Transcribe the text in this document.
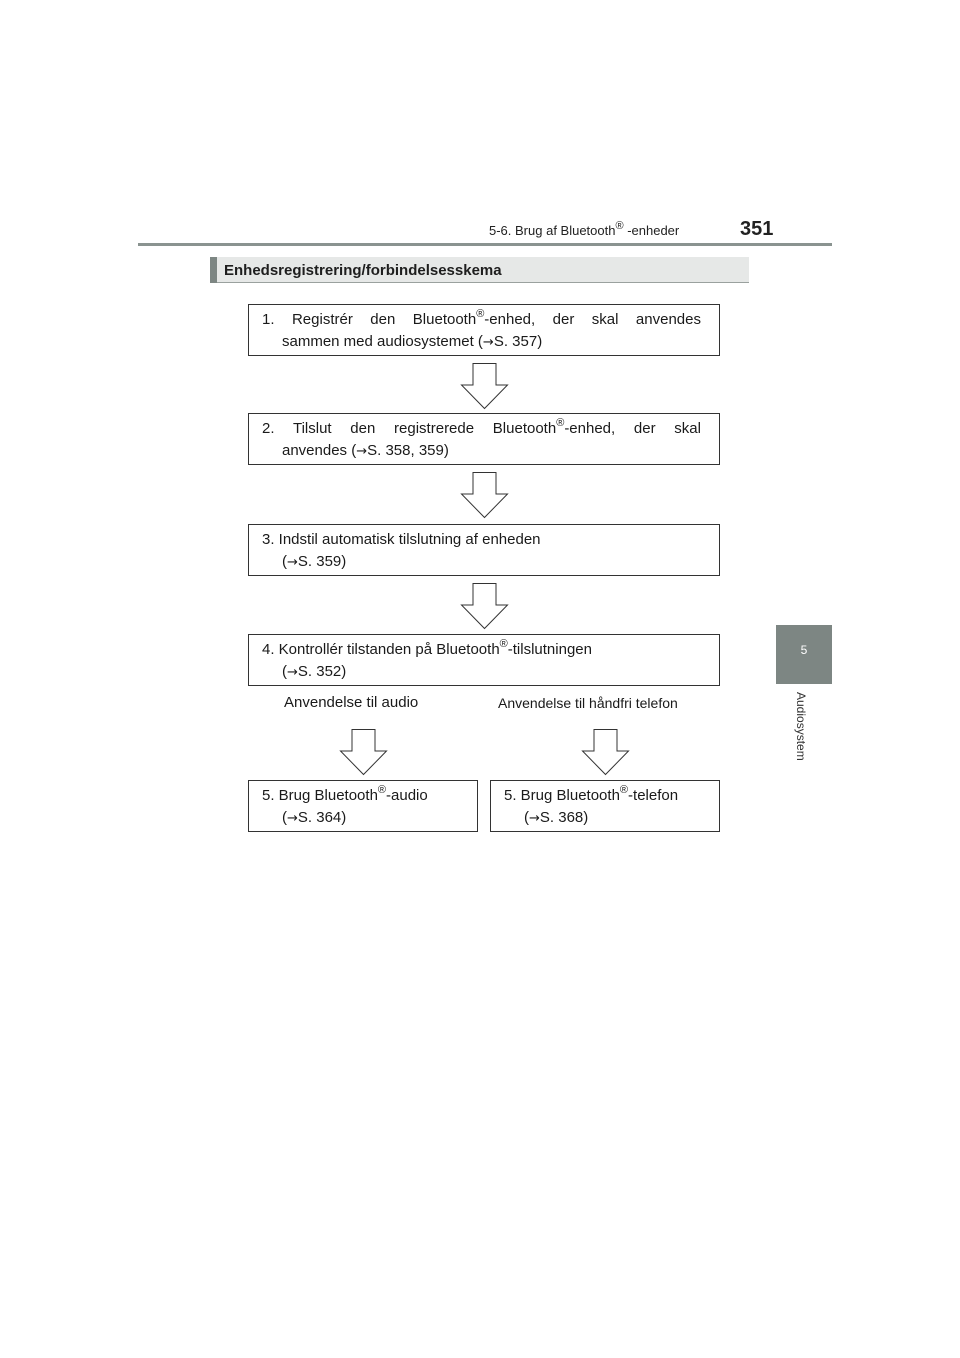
5-6. Brug af Bluetooth® -enheder	351
5
Audiosystem
Enhedsregistrering/forbindelsesskema
1. Registrér den Bluetooth®-enhed, der skal anvendes
sammen med audiosystemet (→S. 357)
2. Tilslut den registrerede Bluetooth®-enhed, der skal
anvendes (→S. 358, 359)
3. Indstil automatisk tilslutning af enheden
(→S. 359)
4. Kontrollér tilstanden på Bluetooth®-tilslutningen
(→S. 352)
Anvendelse til audio	Anvendelse til håndfri telefon
5. Brug Bluetooth®-audio
(→S. 364)
5. Brug Bluetooth®-telefon
(→S. 368)
